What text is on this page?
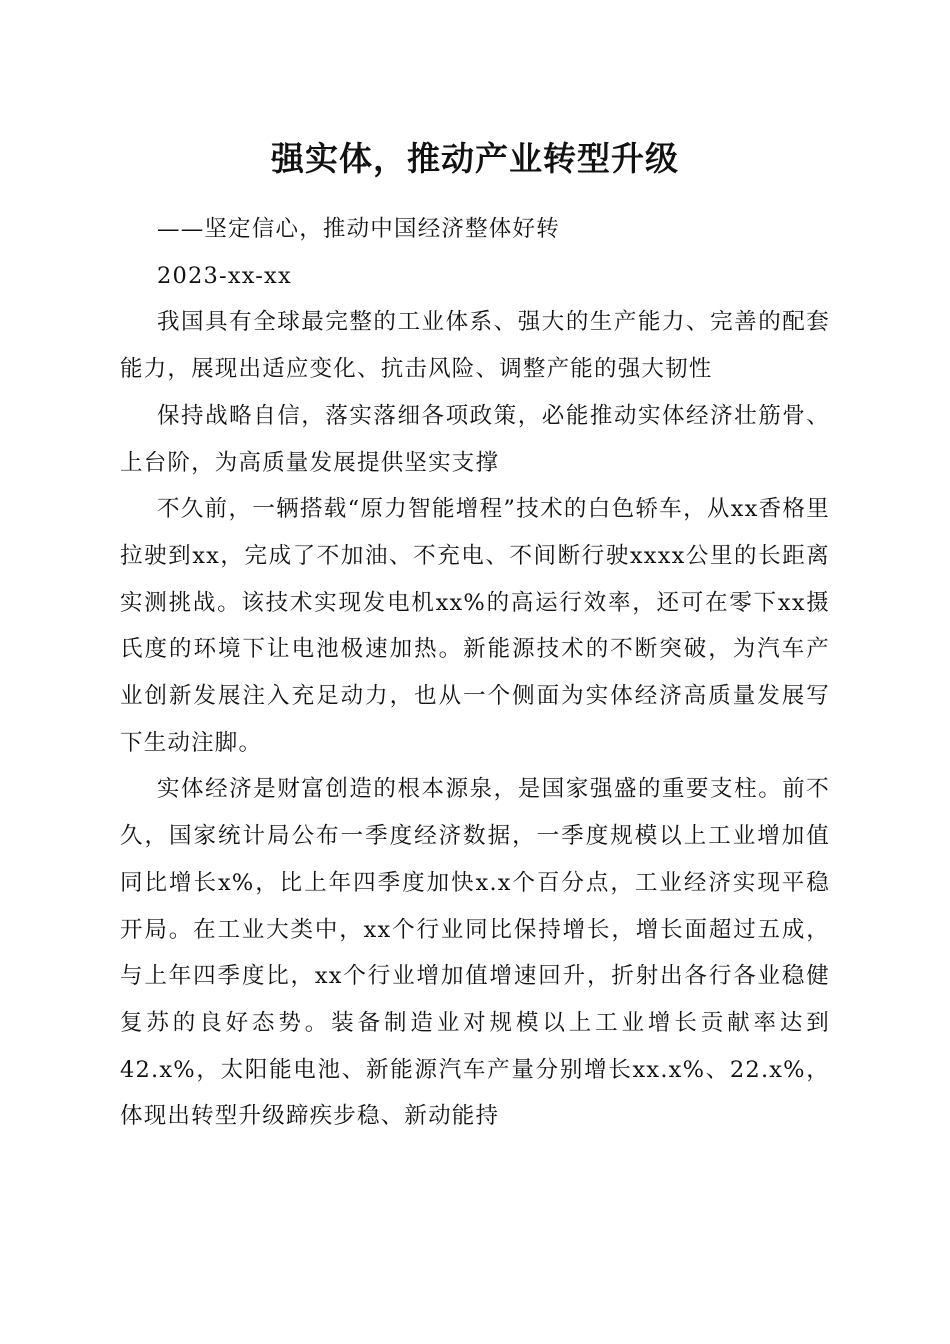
强实体，推动产业转型升级

——坚定信心，推动中国经济整体好转

2023-xx-xx

我国具有全球最完整的工业体系、强大的生产能力、完善的配套能力，展现出适应变化、抗击风险、调整产能的强大韧性

保持战略自信，落实落细各项政策，必能推动实体经济壮筋骨、上台阶，为高质量发展提供坚实支撑

不久前，一辆搭载“原力智能增程”技术的白色轿车，从xx香格里拉驶到xx，完成了不加油、不充电、不间断行驶xxxx公里的长距离实测挑战。该技术实现发电机xx%的高运行效率，还可在零下xx摄氏度的环境下让电池极速加热。新能源技术的不断突破，为汽车产业创新发展注入充足动力，也从一个侧面为实体经济高质量发展写下生动注脚。

实体经济是财富创造的根本源泉，是国家强盛的重要支柱。前不久，国家统计局公布一季度经济数据，一季度规模以上工业增加值同比增长x%，比上年四季度加快x.x个百分点，工业经济实现平稳开局。在工业大类中，xx个行业同比保持增长，增长面超过五成，与上年四季度比，xx个行业增加值增速回升，折射出各行各业稳健复苏的良好态势。装备制造业对规模以上工业增长贡献率达到42.x%，太阳能电池、新能源汽车产量分别增长xx.x%、22.x%，体现出转型升级蹄疾步稳、新动能持
